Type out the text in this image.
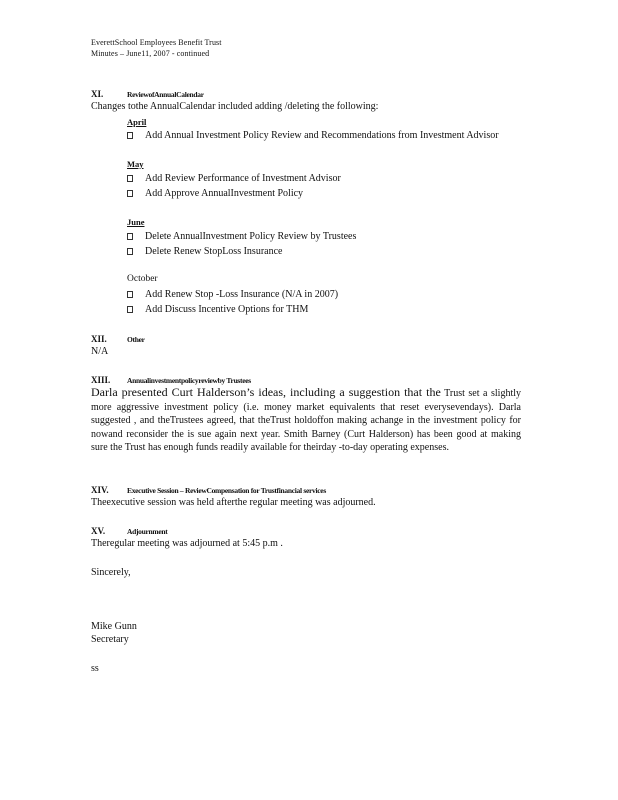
EverettSchool Employees Benefit Trust
Minutes – June11, 2007 - continued
XI.	ReviewofAnnualCalendar
Changes tothe AnnualCalendar included adding /deleting the following:
April
Add Annual Investment Policy Review and Recommendations from Investment Advisor
May
Add Review Performance of Investment Advisor
Add Approve AnnualInvestment Policy
June
Delete AnnualInvestment Policy Review by Trustees
Delete Renew StopLoss Insurance
October
Add Renew Stop -Loss Insurance (N/A in 2007)
Add Discuss Incentive Options for THM
XII.	Other
N/A
XIII. Annualinvestmentpolicyreviewby Trustees
Darla presented Curt Halderson’s ideas, including a suggestion that the Trust set a slightly more aggressive investment policy (i.e. money market equivalents that reset everysevendays). Darla suggested , and theTrustees agreed, that theTrust holdoffon making achange in the investment policy for nowand reconsider the is sue again next year. Smith Barney (Curt Halderson) has been good at making sure the Trust has enough funds readily available for theirday -to-day operating expenses.
XIV. Executive Session – ReviewCompensation for Trustfinancial services
Theexecutive session was held afterthe regular meeting was adjourned.
XV.	Adjournment
Theregular meeting was adjourned at 5:45 p.m .
Sincerely,
Mike Gunn
Secretary
ss
